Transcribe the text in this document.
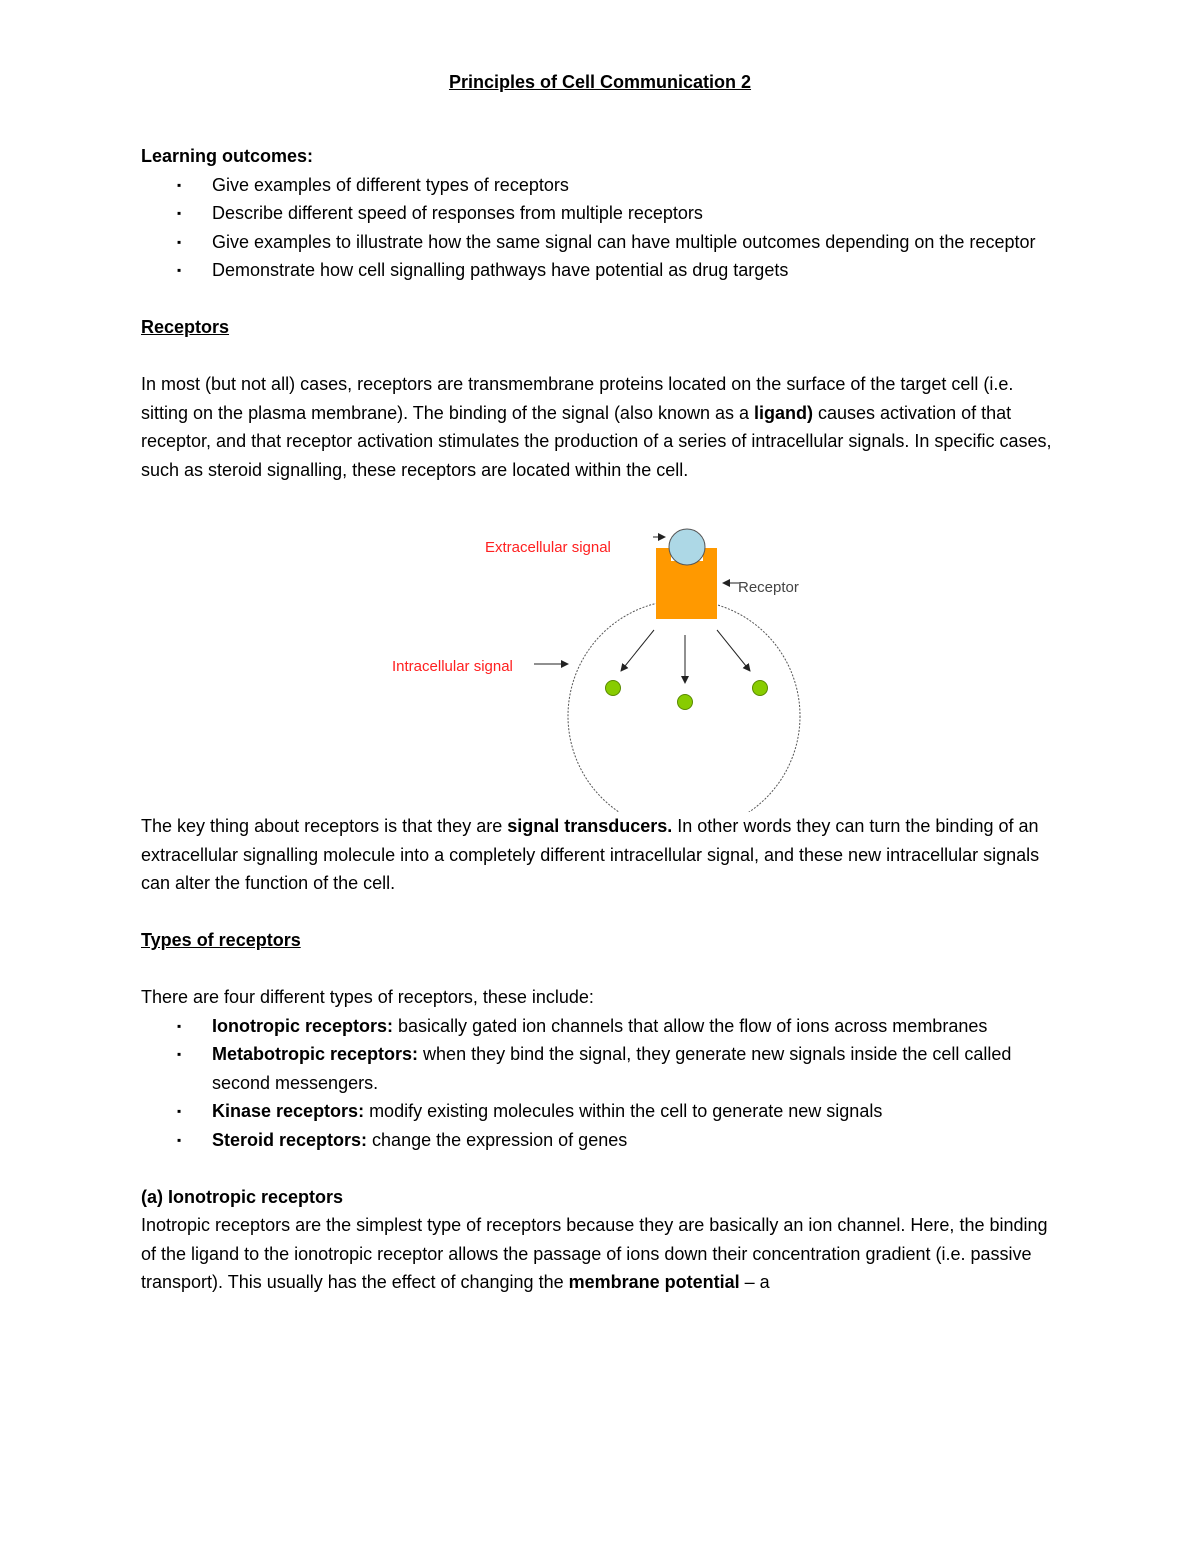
Principles of Cell Communication 2

Learning outcomes:

▪ Give examples of different types of receptors
▪ Describe different speed of responses from multiple receptors
▪ Give examples to illustrate how the same signal can have multiple outcomes depending on the receptor
▪ Demonstrate how cell signalling pathways have potential as drug targets

Receptors

In most (but not all) cases, receptors are transmembrane proteins located on the surface of the target cell (i.e. sitting on the plasma membrane). The binding of the signal (also known as a ligand) causes activation of that receptor, and that receptor activation stimulates the production of a series of intracellular signals. In specific cases, such as steroid signalling, these receptors are located within the cell.

Extracellular signal
Receptor
Intracellular signal

The key thing about receptors is that they are signal transducers. In other words they can turn the binding of an extracellular signalling molecule into a completely different intracellular signal, and these new intracellular signals can alter the function of the cell.

Types of receptors

There are four different types of receptors, these include:

▪ Ionotropic receptors: basically gated ion channels that allow the flow of ions across membranes
▪ Metabotropic receptors: when they bind the signal, they generate new signals inside the cell called second messengers.
▪ Kinase receptors: modify existing molecules within the cell to generate new signals
▪ Steroid receptors: change the expression of genes

(a) Ionotropic receptors

Inotropic receptors are the simplest type of receptors because they are basically an ion channel. Here, the binding of the ligand to the ionotropic receptor allows the passage of ions down their concentration gradient (i.e. passive transport). This usually has the effect of changing the membrane potential – a
